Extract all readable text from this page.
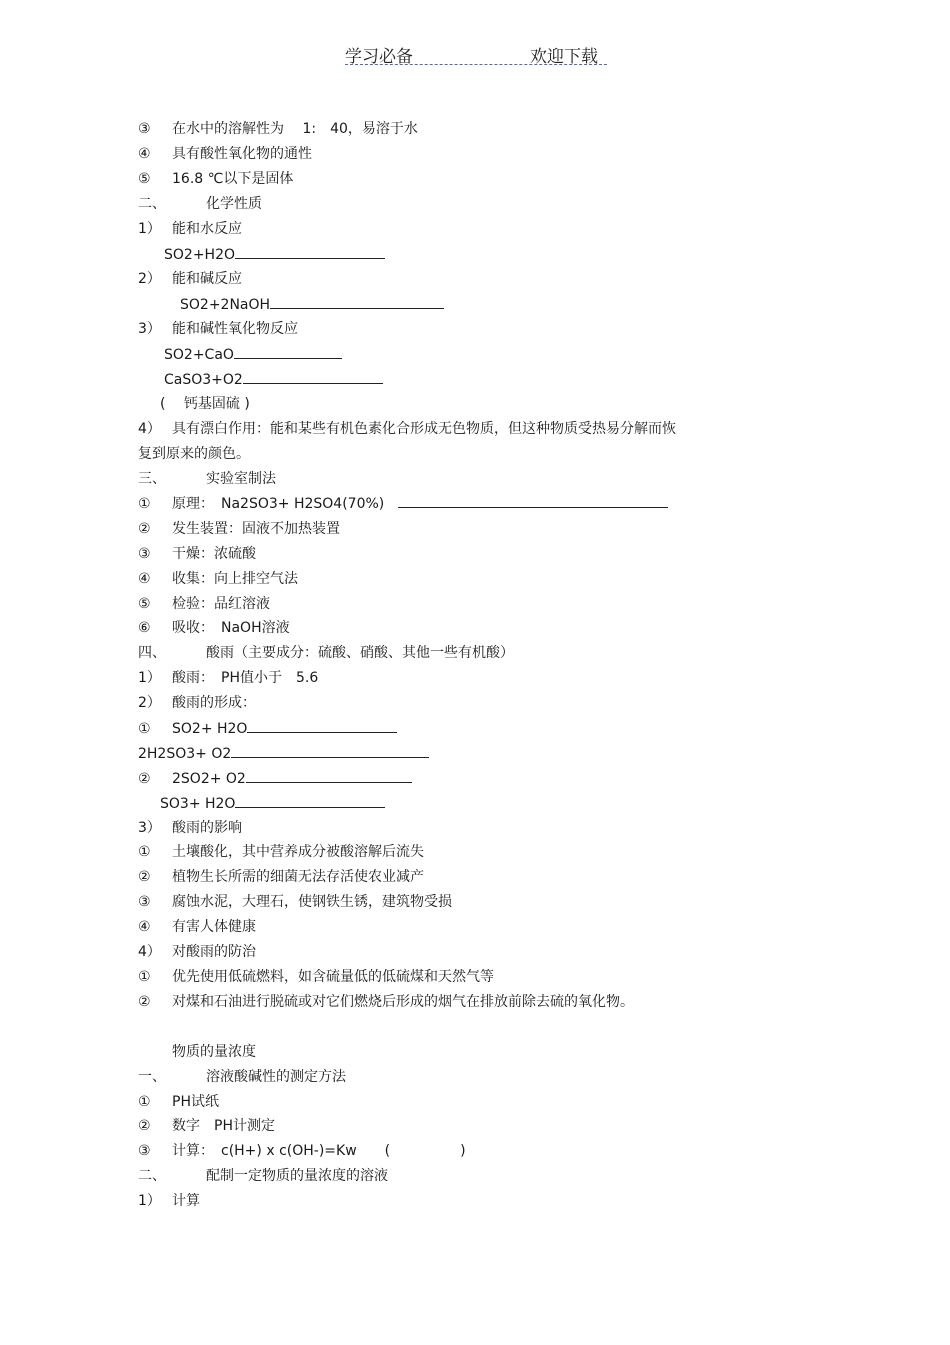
学习必备	欢迎下载
③ 在水中的溶解性为　 1:　40，易溶于水
④ 具有酸性氧化物的通性
⑤ 16.8 ℃以下是固体
二、	化学性质
1） 能和水反应
SO2+H2O
2） 能和碱反应
SO2+2NaOH
3） 能和碱性氧化物反应
SO2+CaO
CaSO3+O2
(　 钙基固硫 )
4） 具有漂白作用：能和某些有机色素化合形成无色物质，但这种物质受热易分解而恢
复到原来的颜色。
三、	实验室制法
① 原理：　Na2SO3+ H2SO4(70%)
② 发生装置：固液不加热装置
③ 干燥：浓硫酸
④ 收集：向上排空气法
⑤ 检验：品红溶液
⑥ 吸收：　NaOH溶液
四、	酸雨（主要成分：硫酸、硝酸、其他一些有机酸）
1） 酸雨：　PH值小于　5.6
2） 酸雨的形成：
① SO2+ H2O
2H2SO3+ O2
② 2SO2+ O2
SO3+ H2O
3） 酸雨的影响
① 土壤酸化，其中营养成分被酸溶解后流失
② 植物生长所需的细菌无法存活使农业减产
③ 腐蚀水泥，大理石，使钢铁生锈，建筑物受损
④ 有害人体健康
4） 对酸雨的防治
① 优先使用低硫燃料，如含硫量低的低硫煤和天然气等
② 对煤和石油进行脱硫或对它们燃烧后形成的烟气在排放前除去硫的氧化物。
物质的量浓度
一、	溶液酸碱性的测定方法
① PH试纸
② 数字　PH计测定
③ 计算：　c(H+) x c(OH-)=Kw　　(　　　　　)
二、	配制一定物质的量浓度的溶液
1） 计算
